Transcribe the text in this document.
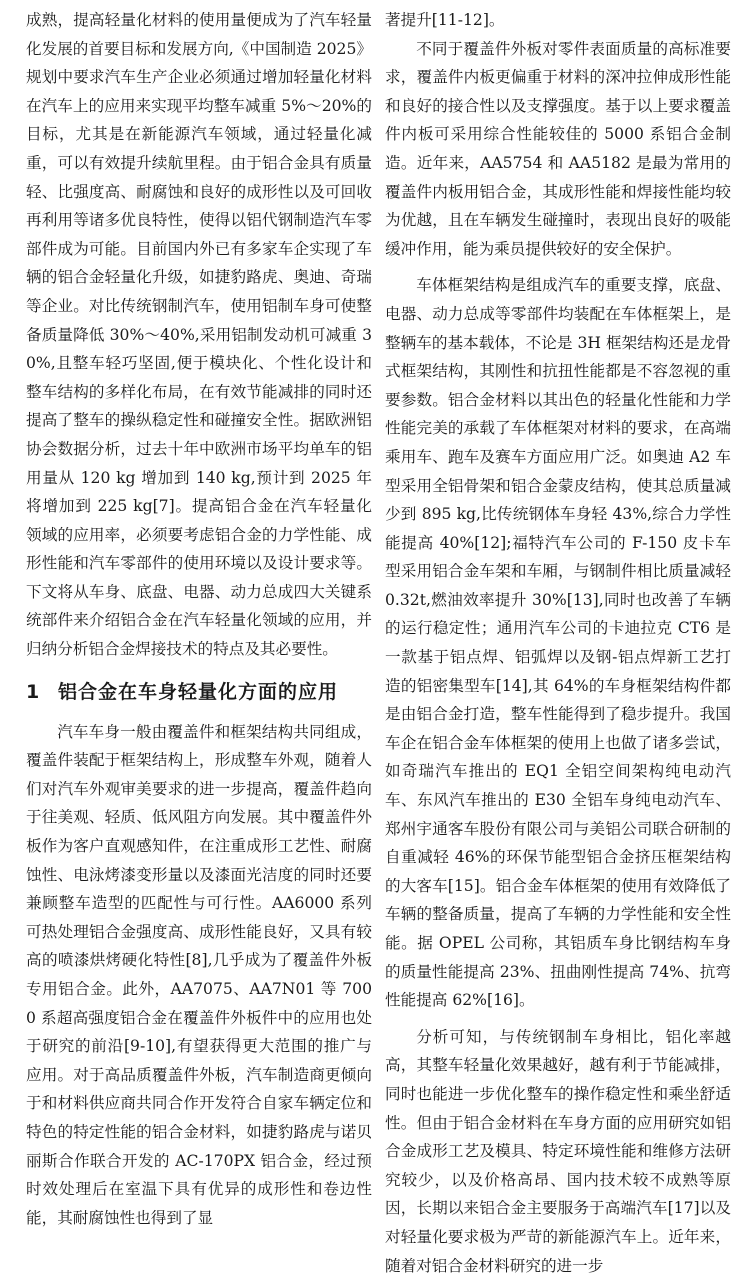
成熟，提高轻量化材料的使用量便成为了汽车轻量化发展的首要目标和发展方向,《中国制造 2025》规划中要求汽车生产企业必须通过增加轻量化材料在汽车上的应用来实现平均整车减重 5%～20%的目标，尤其是在新能源汽车领域，通过轻量化减重，可以有效提升续航里程。由于铝合金具有质量轻、比强度高、耐腐蚀和良好的成形性以及可回收再利用等诸多优良特性，使得以铝代钢制造汽车零部件成为可能。目前国内外已有多家车企实现了车辆的铝合金轻量化升级，如捷豹路虎、奥迪、奇瑞等企业。对比传统钢制汽车，使用铝制车身可使整备质量降低 30%～40%,采用铝制发动机可减重 30%,且整车轻巧坚固,便于模块化、个性化设计和整车结构的多样化布局，在有效节能减排的同时还提高了整车的操纵稳定性和碰撞安全性。据欧洲铝协会数据分析，过去十年中欧洲市场平均单车的铝用量从 120 kg 增加到 140 kg,预计到 2025 年将增加到 225 kg[7]。提高铝合金在汽车轻量化领域的应用率，必须要考虑铝合金的力学性能、成形性能和汽车零部件的使用环境以及设计要求等。下文将从车身、底盘、电器、动力总成四大关键系统部件来介绍铝合金在汽车轻量化领域的应用，并归纳分析铝合金焊接技术的特点及其必要性。

1 铝合金在车身轻量化方面的应用

汽车车身一般由覆盖件和框架结构共同组成，覆盖件装配于框架结构上，形成整车外观，随着人们对汽车外观审美要求的进一步提高，覆盖件趋向于往美观、轻质、低风阻方向发展。其中覆盖件外板作为客户直观感知件，在注重成形工艺性、耐腐蚀性、电泳烤漆变形量以及漆面光洁度的同时还要兼顾整车造型的匹配性与可行性。AA6000 系列可热处理铝合金强度高、成形性能良好，又具有较高的喷漆烘烤硬化特性[8],几乎成为了覆盖件外板专用铝合金。此外，AA7075、AA7N01 等 7000 系超高强度铝合金在覆盖件外板件中的应用也处于研究的前沿[9-10],有望获得更大范围的推广与应用。对于高品质覆盖件外板，汽车制造商更倾向于和材料供应商共同合作开发符合自家车辆定位和特色的特定性能的铝合金材料，如捷豹路虎与诺贝丽斯合作联合开发的 AC-170PX 铝合金，经过预时效处理后在室温下具有优异的成形性和卷边性能，其耐腐蚀性也得到了显

著提升[11-12]。

不同于覆盖件外板对零件表面质量的高标准要求，覆盖件内板更偏重于材料的深冲拉伸成形性能和良好的接合性以及支撑强度。基于以上要求覆盖件内板可采用综合性能较佳的 5000 系铝合金制造。近年来，AA5754 和 AA5182 是最为常用的覆盖件内板用铝合金，其成形性能和焊接性能均较为优越，且在车辆发生碰撞时，表现出良好的吸能缓冲作用，能为乘员提供较好的安全保护。

车体框架结构是组成汽车的重要支撑，底盘、电器、动力总成等零部件均装配在车体框架上，是整辆车的基本载体，不论是 3H 框架结构还是龙骨式框架结构，其刚性和抗扭性能都是不容忽视的重要参数。铝合金材料以其出色的轻量化性能和力学性能完美的承载了车体框架对材料的要求，在高端乘用车、跑车及赛车方面应用广泛。如奥迪 A2 车型采用全铝骨架和铝合金蒙皮结构，使其总质量减少到 895 kg,比传统钢体车身轻 43%,综合力学性能提高 40%[12];福特汽车公司的 F-150 皮卡车型采用铝合金车架和车厢，与钢制件相比质量减轻 0.32t,燃油效率提升 30%[13],同时也改善了车辆的运行稳定性；通用汽车公司的卡迪拉克 CT6 是一款基于铝点焊、铝弧焊以及钢-铝点焊新工艺打造的铝密集型车[14],其 64%的车身框架结构件都是由铝合金打造，整车性能得到了稳步提升。我国车企在铝合金车体框架的使用上也做了诸多尝试，如奇瑞汽车推出的 EQ1 全铝空间架构纯电动汽车、东风汽车推出的 E30 全铝车身纯电动汽车、郑州宇通客车股份有限公司与美铝公司联合研制的自重减轻 46%的环保节能型铝合金挤压框架结构的大客车[15]。铝合金车体框架的使用有效降低了车辆的整备质量，提高了车辆的力学性能和安全性能。据 OPEL 公司称，其铝质车身比钢结构车身的质量性能提高 23%、扭曲刚性提高 74%、抗弯性能提高 62%[16]。

分析可知，与传统钢制车身相比，铝化率越高，其整车轻量化效果越好，越有利于节能减排，同时也能进一步优化整车的操作稳定性和乘坐舒适性。但由于铝合金材料在车身方面的应用研究如铝合金成形工艺及模具、特定环境性能和维修方法研究较少，以及价格高昂、国内技术较不成熟等原因，长期以来铝合金主要服务于高端汽车[17]以及对轻量化要求极为严苛的新能源汽车上。近年来，随着对铝合金材料研究的进一步
